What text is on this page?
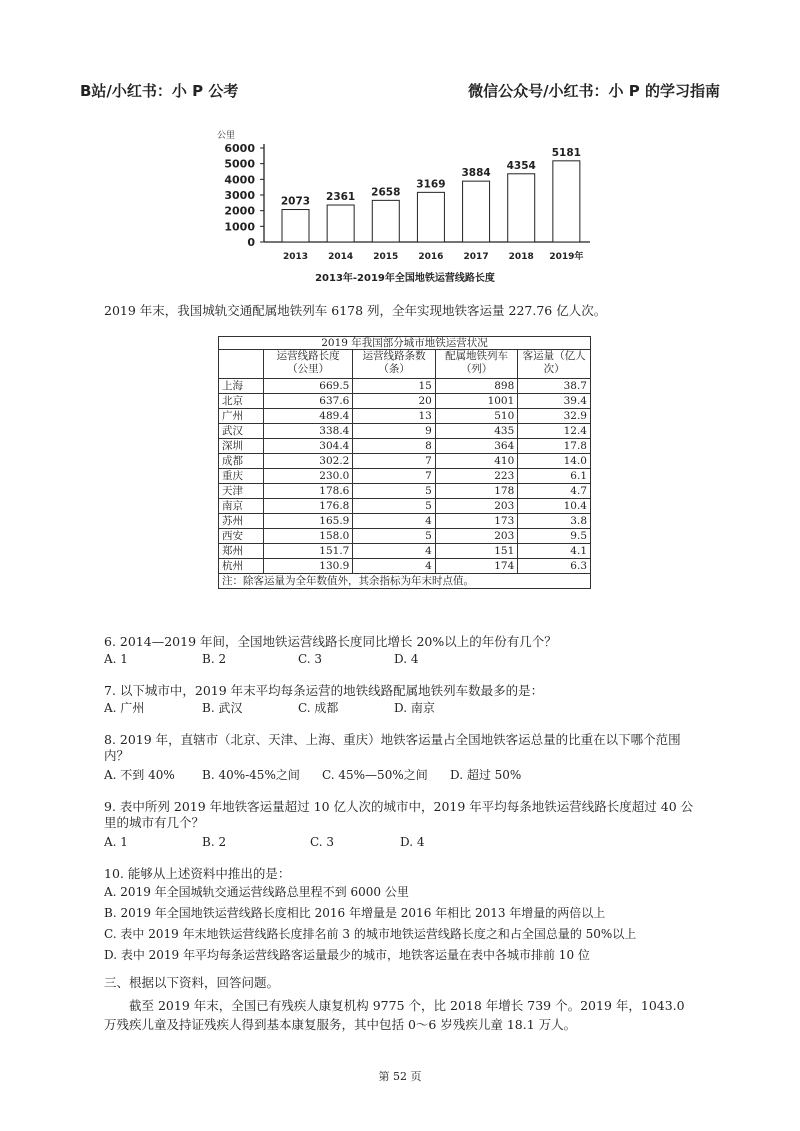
B站/小红书：小 P 公考	微信公众号/小红书：小 P 的学习指南
公里
0
1000
2000
3000
4000
5000
6000
2073 2361 2658
3169
3884
4354
5181
2013 2014 2015 2016 2017 2018 2019年
2013年-2019年全国地铁运营线路长度
2019 年末，我国城轨交通配属地铁列车 6178 列，全年实现地铁客运量 227.76 亿人次。
2019 年我国部分城市地铁运营状况				
	运营线路长度（公里）	运营线路条数（条）	配属地铁列车（列）	客运量（亿人次）
上海	669.5	15	898	38.7
北京	637.6	20	1001	39.4
广州	489.4	13	510	32.9
武汉	338.4	9	435	12.4
深圳	304.4	8	364	17.8
成都	302.2	7	410	14.0
重庆	230.0	7	223	6.1
天津	178.6	5	178	4.7
南京	176.8	5	203	10.4
苏州	165.9	4	173	3.8
西安	158.0	5	203	9.5
郑州	151.7	4	151	4.1
杭州	130.9	4	174	6.3
注：除客运量为全年数值外，其余指标为年末时点值。				
6. 2014—2019 年间，全国地铁运营线路长度同比增长 20%以上的年份有几个？
A. 1	B. 2	C. 3	D. 4
7. 以下城市中，2019 年末平均每条运营的地铁线路配属地铁列车数最多的是：
A. 广州	B. 武汉	C. 成都	D. 南京
8. 2019 年，直辖市（北京、天津、上海、重庆）地铁客运量占全国地铁客运总量的比重在以下哪个范围内？
A. 不到 40% B. 40%-45%之间 C. 45%—50%之间 D. 超过 50%
9. 表中所列 2019 年地铁客运量超过 10 亿人次的城市中，2019 年平均每条地铁运营线路长度超过 40 公里的城市有几个？
A. 1	B. 2	C. 3	D. 4
10. 能够从上述资料中推出的是：
A. 2019 年全国城轨交通运营线路总里程不到 6000 公里
B. 2019 年全国地铁运营线路长度相比 2016 年增量是 2016 年相比 2013 年增量的两倍以上
C. 表中 2019 年末地铁运营线路长度排名前 3 的城市地铁运营线路长度之和占全国总量的 50%以上
D. 表中 2019 年平均每条运营线路客运量最少的城市，地铁客运量在表中各城市排前 10 位
三、根据以下资料，回答问题。
截至 2019 年末，全国已有残疾人康复机构 9775 个，比 2018 年增长 739 个。2019 年，1043.0 万残疾儿童及持证残疾人得到基本康复服务，其中包括 0～6 岁残疾儿童 18.1 万人。
第 52 页
